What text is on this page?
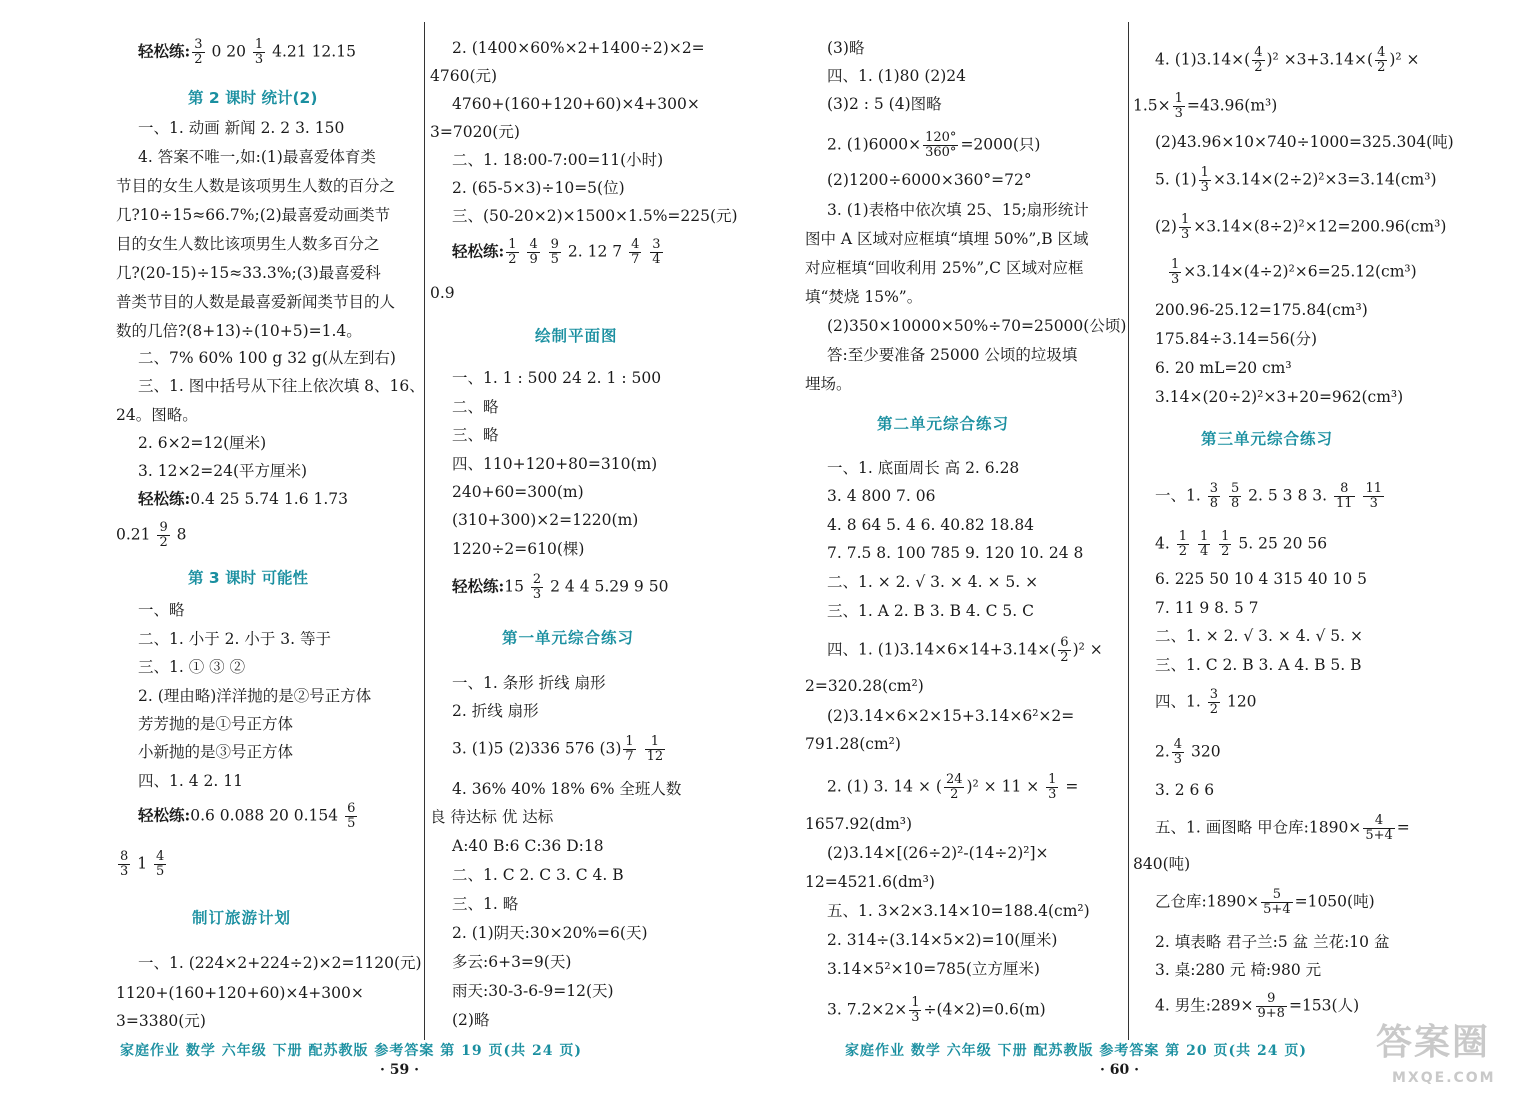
轻松练: $\frac{3}{2} 0$ $20 \frac{1}{3} 4.21$ 12.15
第 2 课时 统计(2)
一、1. 动画 新闻 2. 2 3. 150
4. 答案不唯一,如:(1)最喜爱体育类
节目的女生人数是该项男生人数的百分之
几?10÷15≈66.7%;(2)最喜爱动画类节
目的女生人数比该项男生人数多百分之
几?(20-15)÷15≈33.3%;(3)最喜爱科
普类节目的人数是最喜爱新闻类节目的人
数的几倍?(8+13)÷(10+5)=1.4。
二、7% 60% 100 g 32 g(从左到右)
三、1. 图中括号从下往上依次填 8、16、
24。图略。
2. 6×2=12(厘米)
3. 12×2=24(平方厘米)
轻松练:0.4 25 5.74 1.6 1.73
$0.21 \frac{9}{2} 8$
第 3 课时 可能性
一、略
二、1. 小于 2. 小于 3. 等于
三、1. ① ③ ②
2. (理由略)洋洋抛的是②号正方体
芳芳抛的是①号正方体
小新抛的是③号正方体
四、1. 4 2. 11
轻松练:0.6 0.088 20 $0.154 \frac{6}{5}$
$\frac{8}{3} 1 \frac{4}{5}$
制订旅游计划
一、1. (224×2+224÷2)×2=1120(元)
1120+(160+120+60)×4+300×
3=3380(元)
2. (1400×60%×2+1400÷2)×2=
4760(元)
4760+(160+120+60)×4+300×
3=7020(元)
二、1. 18:00-7:00=11(小时)
2. (65-5×3)÷10=5(位)
三、(50-20×2)×1500×1.5%=225(元)
轻松练: $\frac{1}{2}$
$\frac{4}{9}$
$\frac{9}{5} 2$. 12 $7 \frac{4}{7}$
$\frac{3}{4}$
0.9
绘制平面图
一、1. 1 : 500 24 2. 1 : 500
二、略
三、略
四、110+120+80=310(m)
240+60=300(m)
(310+300)×2=1220(m)
1220÷2=610(棵)
轻松练:15 $\frac{2}{3} 2$ 4 4 5.29 9 50
第一单元综合练习
一、1. 条形 折线 扇形
2. 折线 扇形
3. (1)5 (2)336 576 $(3) \frac{1}{7}$
$\frac{1}{12}$
4. 36% 40% 18% 6% 全班人数
良 待达标 优 达标
A:40 B:6 C:36 D:18
二、1. C 2. C 3. C 4. B
三、1. 略
2. (1)阴天:30×20%=6(天)
多云:6+3=9(天)
雨天:30-3-6-9=12(天)
(2)略
(3)略
四、1. (1)80 (2)24
(3)2 : 5 (4)图略
2. $(1)6000\times \frac{120^\circ}{360^\circ} =2000$(只)
(2)1200÷6000×360°=72°
3. (1)表格中依次填 25、15;扇形统计
图中 A 区域对应框填“填埋 50%”,B 区域
对应框填“回收利用 25%”,C 区域对应框
填“焚烧 15%”。
(2)350×10000×50%÷70=25000(公顷)
答:至少要准备 25000 公顷的垃圾填
埋场。
第二单元综合练习
一、1. 底面周长 高 2. 6.28
3. 4 800 7. 06
4. 8 64 5. 4 6. 40.82 18.84
7. 7.5 8. 100 785 9. 120 10. 24 8
二、1. × 2. √ 3. × 4. × 5. ×
三、1. A 2. B 3. B 4. C 5. C
四、1. $(1)3.14\times 6\times 14+3.14\times( \frac{6}{2} )^2$ ×
2=320.28(cm²)
(2)3.14×6×2×15+3.14×6²×2=
791.28(cm²)
2. (1) 3. 14 × ( $\frac{24}{2} )^2 \times 11 \times \frac{1}{3}$ =
1657.92(dm³)
(2)3.14×[(26÷2)²-(14÷2)²]×
12=4521.6(dm³)
五、1. 3×2×3.14×10=188.4(cm²)
2. 314÷(3.14×5×2)=10(厘米)
3.14×5²×10=785(立方厘米)
3. $7.2\times 2\times \frac{1}{3} \div(4\times 2)=0.6(m)$
4. $(1)3.14\times( \frac{4}{2} )^2 \times 3+3.14\times( \frac{4}{2} )^2$ ×
$1.5\times \frac{1}{3} =43.96(m^3)$
(2)43.96×10×740÷1000=325.304(吨)
5. $(1) \frac{1}{3} \times 3.14\times(2\div 2)^2\times 3=3.14(cm^3)$
$(2) \frac{1}{3} \times 3.14\times(8\div 2)^2\times 12=200.96(cm^3)$
$\frac{1}{3} \times 3.14\times(4\div 2)^2\times 6=25.12(cm^3)$
200.96-25.12=175.84(cm³)
175.84÷3.14=56(分)
6. 20 mL=20 cm³
3.14×(20÷2)²×3+20=962(cm³)
第三单元综合练习
一、1. $\frac{3}{8}$
$\frac{5}{8} 2$. 5 3 8 3. $\frac{8}{11}$
$\frac{11}{3}$
4. $\frac{1}{2}$
$\frac{1}{4}$
$\frac{1}{2} 5$. 25 20 56
6. 225 50 10 4 315 40 10 5
7. 11 9 8. 5 7
二、1. × 2. √ 3. × 4. √ 5. ×
三、1. C 2. B 3. A 4. B 5. B
四、1. $\frac{3}{2} 120$
2. $\frac{4}{3} 320$
3. 2 6 6
五、1. 画图略 甲仓库:1890× $\frac{4}{5+4}$ =
840(吨)
乙仓库:1890× $\frac{5}{5+4} =1050$(吨)
2. 填表略 君子兰:5 盆 兰花:10 盆
3. 桌:280 元 椅:980 元
4. 男生:289× $\frac{9}{9+8} =153$(人)
家庭作业 数学 六年级 下册 配苏教版 参考答案 第 19 页(共 24 页)	家庭作业 数学 六年级 下册 配苏教版 参考答案 第 20 页(共 24 页)
· 59 ·	· 60 ·
答案圈
MXQE.COM
